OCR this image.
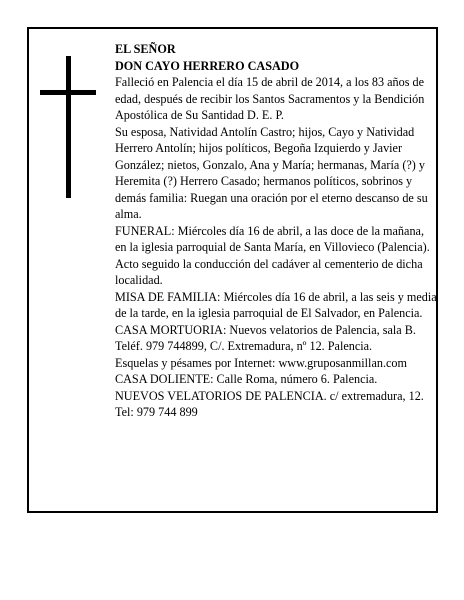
EL SEÑOR

DON CAYO HERRERO CASADO

Falleció en Palencia el día 15 de abril de 2014, a los 83 años de edad, después de recibir los Santos Sacramentos y la Bendición Apostólica de Su Santidad D. E. P.

Su esposa, Natividad Antolín Castro; hijos, Cayo y Natividad Herrero Antolín; hijos políticos, Begoña Izquierdo y Javier González; nietos, Gonzalo, Ana y María; hermanas, María (?) y Heremita (?) Herrero Casado; hermanos políticos, sobrinos y demás familia: Ruegan una oración por el eterno descanso de su alma.

FUNERAL: Miércoles día 16 de abril, a las doce de la mañana, en la iglesia parroquial de Santa María, en Villovieco (Palencia). Acto seguido la conducción del cadáver al cementerio de dicha localidad.

MISA DE FAMILIA: Miércoles día 16 de abril, a las seis y media de la tarde, en la iglesia parroquial de El Salvador, en Palencia.

CASA MORTUORIA: Nuevos velatorios de Palencia, sala B. Teléf. 979 744899, C/. Extremadura, nº 12. Palencia.

Esquelas y pésames por Internet: www.gruposanmillan.com

CASA DOLIENTE: Calle Roma, número 6. Palencia.

NUEVOS VELATORIOS DE PALENCIA. c/ extremadura, 12. Tel: 979 744 899
